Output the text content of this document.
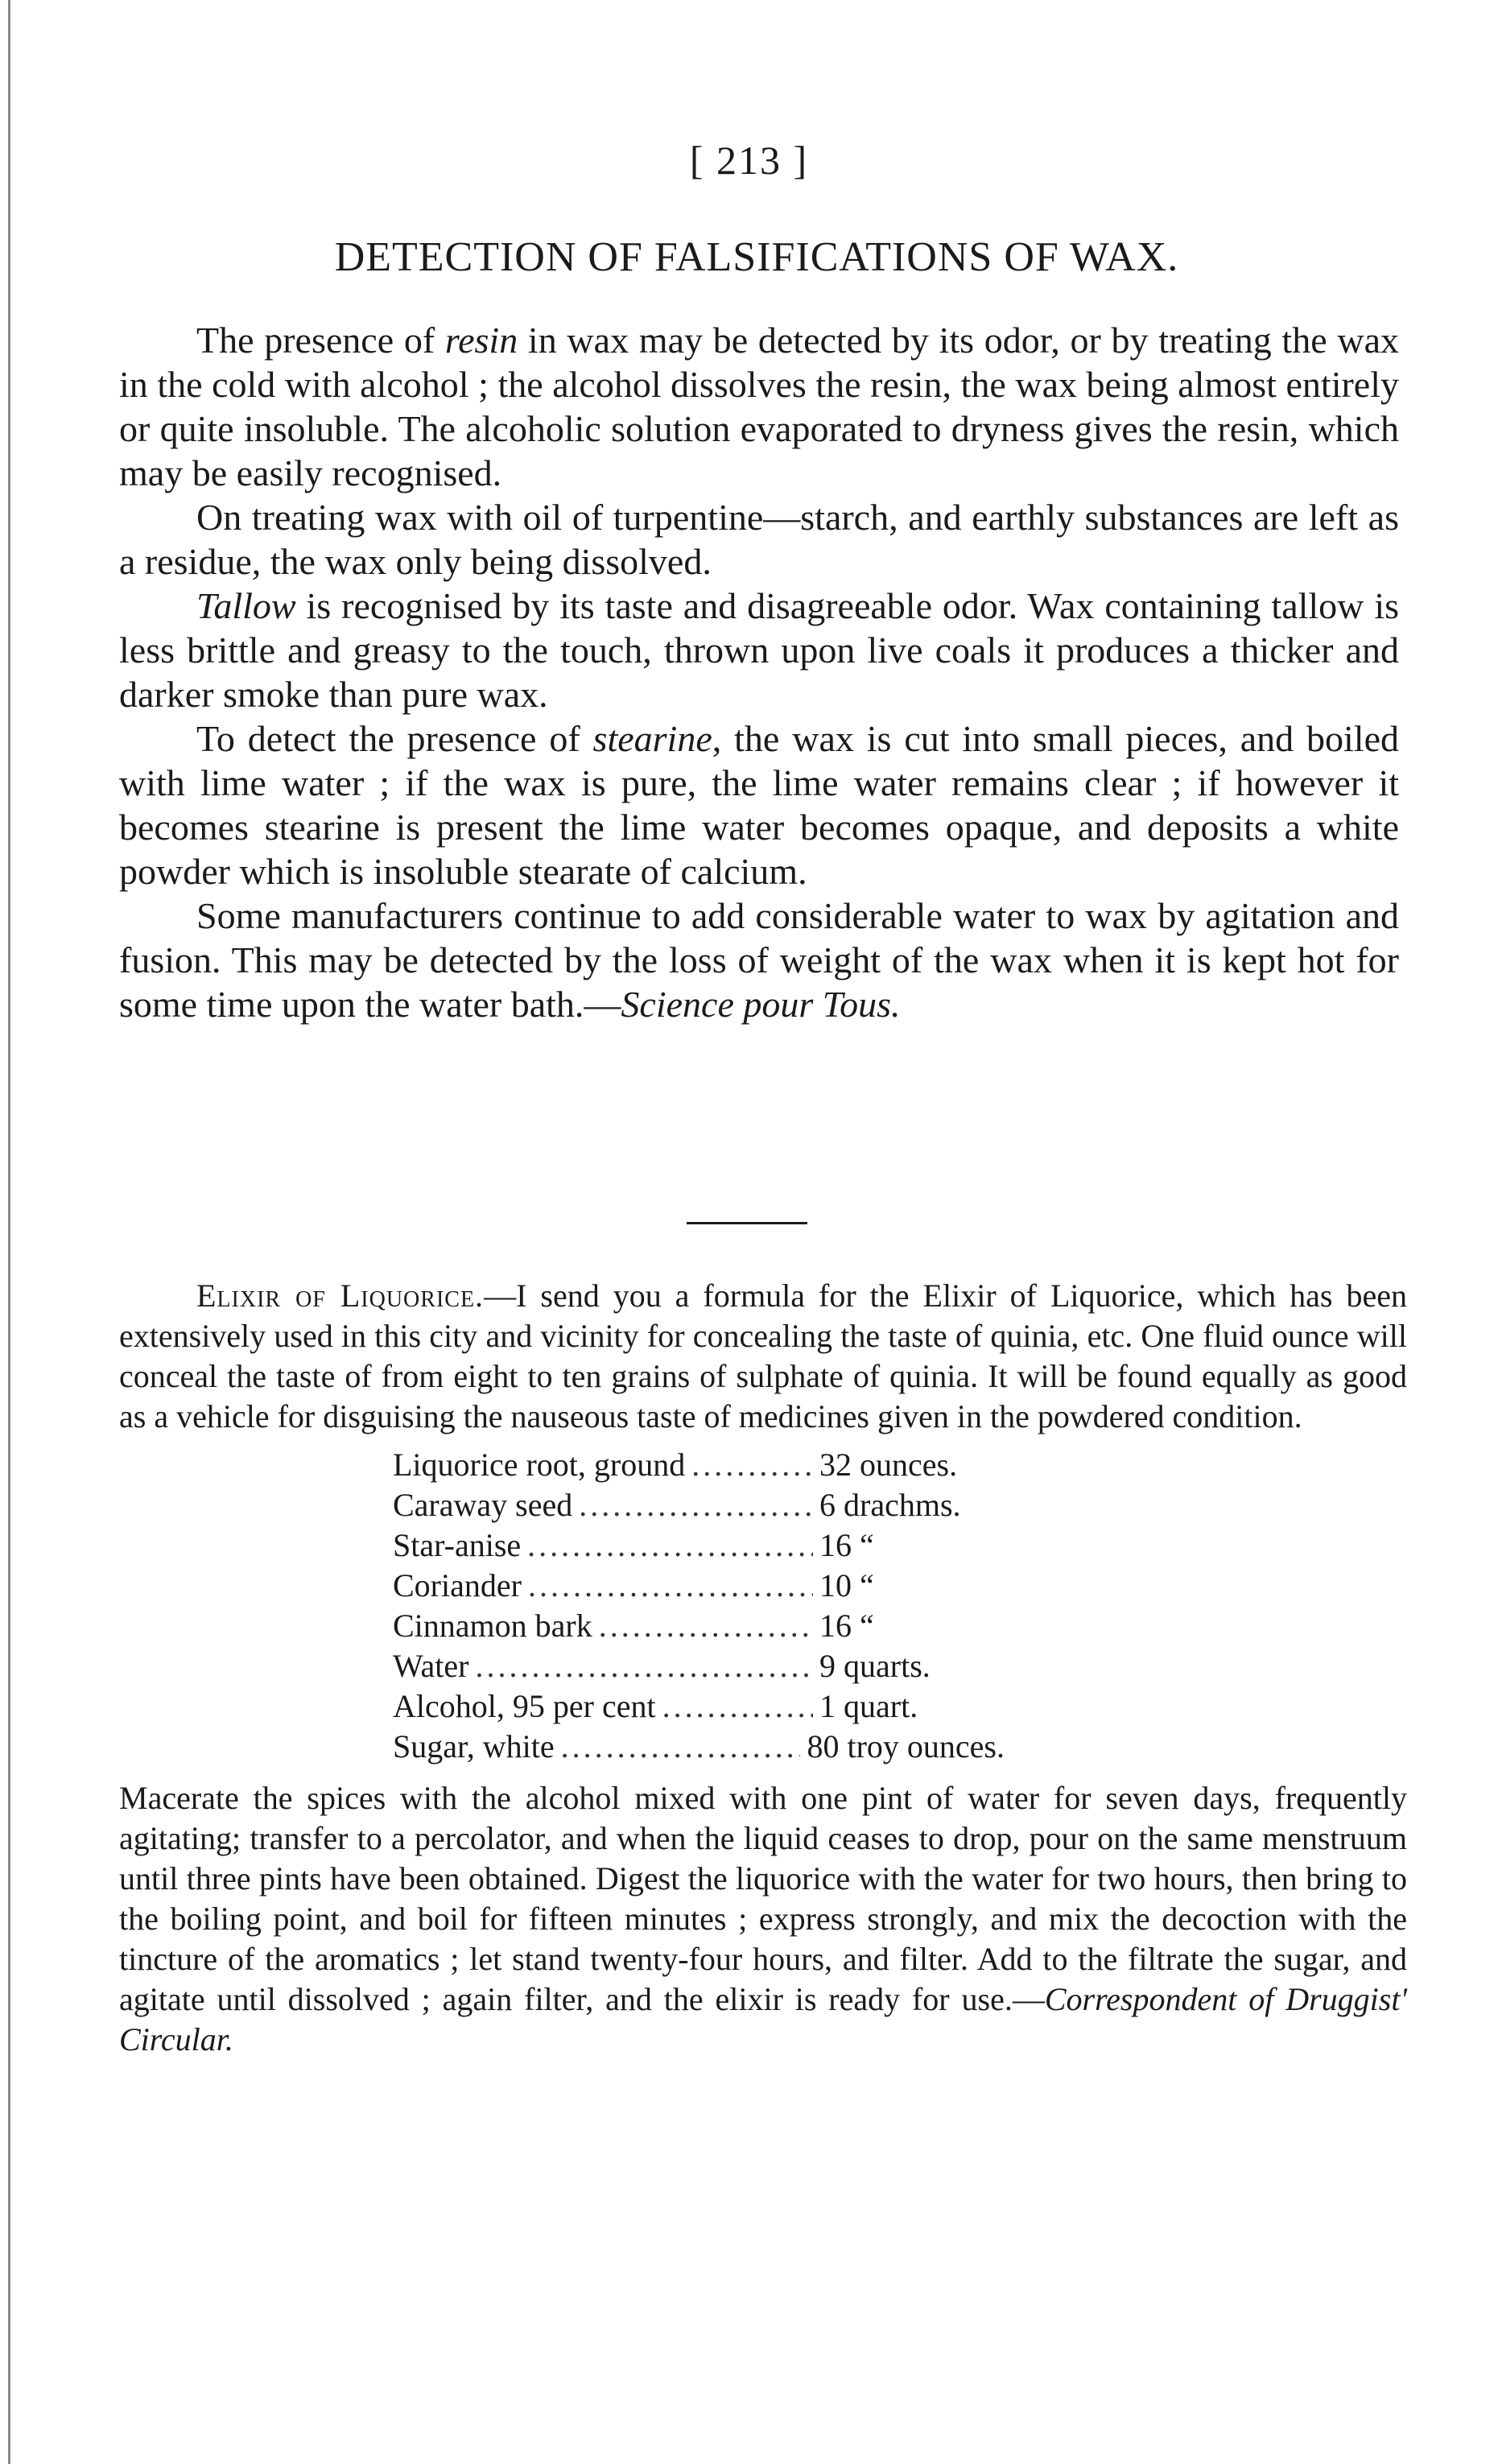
[ 213 ]
DETECTION OF FALSIFICATIONS OF WAX.

The presence of resin in wax may be detected by its odor, or by treating the wax in the cold with alcohol ; the alcohol dissolves the resin, the wax being almost entirely or quite insoluble. The alcoholic solution evaporated to dryness gives the resin, which may be easily recognised.

On treating wax with oil of turpentine—starch, and earthly substances are left as a residue, the wax only being dissolved.

Tallow is recognised by its taste and disagreeable odor. Wax containing tallow is less brittle and greasy to the touch, thrown upon live coals it produces a thicker and darker smoke than pure wax.

To detect the presence of stearine, the wax is cut into small pieces, and boiled with lime water ; if the wax is pure, the lime water remains clear ; if however it becomes stearine is present the lime water becomes opaque, and deposits a white powder which is insoluble stearate of calcium.

Some manufacturers continue to add considerable water to wax by agitation and fusion. This may be detected by the loss of weight of the wax when it is kept hot for some time upon the water bath.—Science pour Tous.

Elixir of Liquorice.—I send you a formula for the Elixir of Liquorice, which has been extensively used in this city and vicinity for concealing the taste of quinia, etc. One fluid ounce will conceal the taste of from eight to ten grains of sulphate of quinia. It will be found equally as good as a vehicle for disguising the nauseous taste of medicines given in the powdered condition.

Liquorice root, ground .....	32 ounces.
Caraway seed .....	6 drachms.
Star-anise .....	16 “
Coriander .....	10 “
Cinnamon bark .....	16 “
Water .....	9 quarts.
Alcohol, 95 per cent .....	1 quart.
Sugar, white .....	80 troy ounces.

Macerate the spices with the alcohol mixed with one pint of water for seven days, frequently agitating; transfer to a percolator, and when the liquid ceases to drop, pour on the same menstruum until three pints have been obtained. Digest the liquorice with the water for two hours, then bring to the boiling point, and boil for fifteen minutes ; express strongly, and mix the decoction with the tincture of the aromatics ; let stand twenty-four hours, and filter. Add to the filtrate the sugar, and agitate until dissolved ; again filter, and the elixir is ready for use.—Correspondent of Druggist' Circular.
